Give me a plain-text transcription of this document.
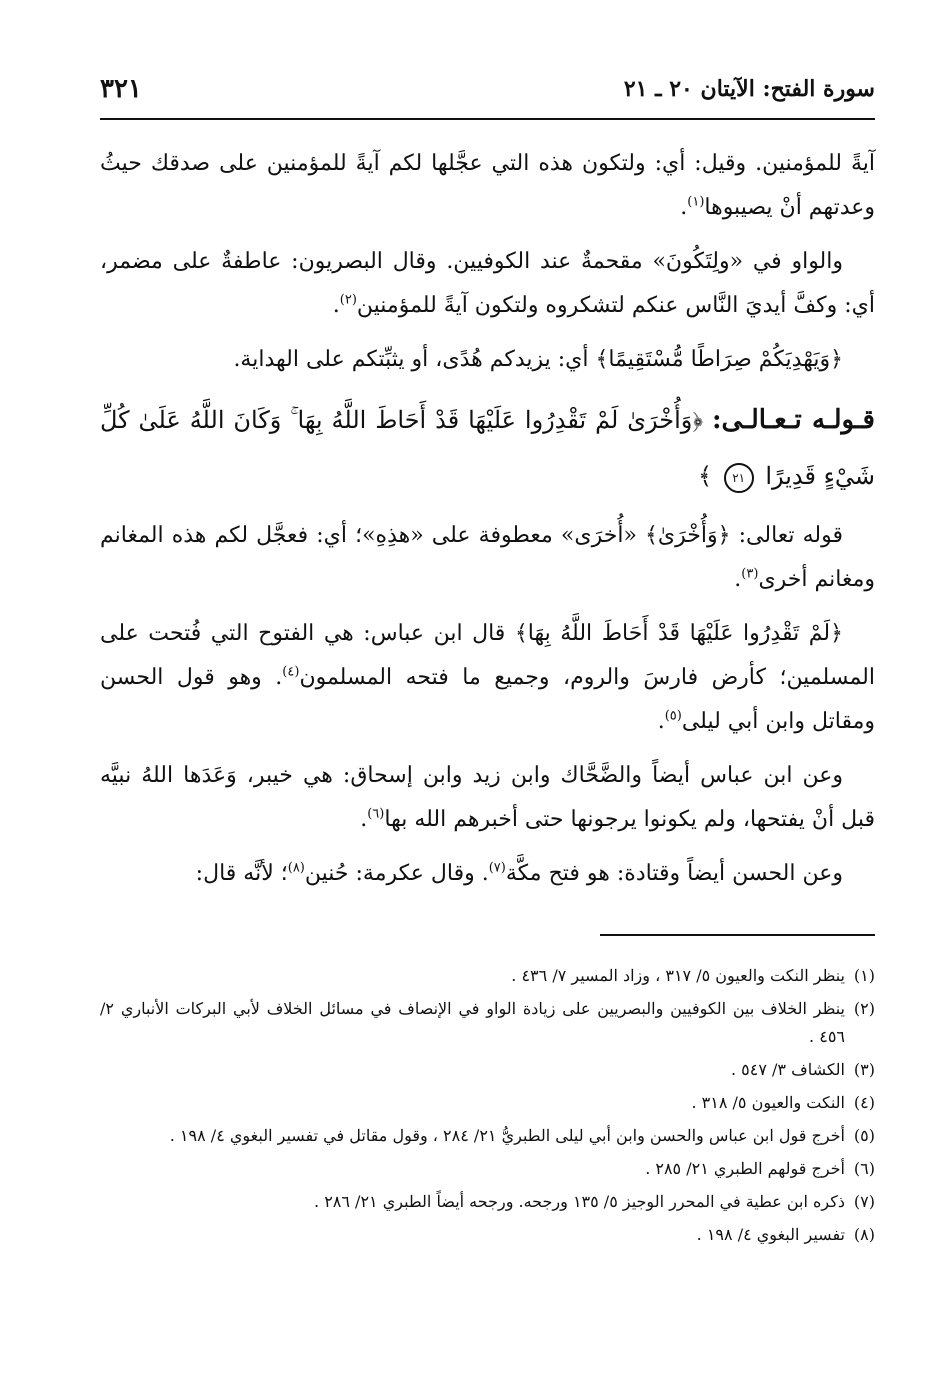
سورة الفتح: الآيتان ٢٠ ـ ٢١
٣٢١

آيةً للمؤمنين. وقيل: أي: ولتكون هذه التي عجَّلها لكم آيةً للمؤمنين على صدقك حيثُ وعدتهم أنْ يصيبوها$^{(١)}$.

والواو في «ولِتَكُونَ» مقحمةٌ عند الكوفيين. وقال البصريون: عاطفةٌ على مضمر، أي: وكفَّ أيديَ النَّاس عنكم لتشكروه ولتكون آيةً للمؤمنين$^{(٢)}$.

﴿وَيَهْدِيَكُمْ صِرَاطًا مُّسْتَقِيمًا﴾ أي: يزيدكم هُدًى، أو يثبِّتكم على الهداية.

قـولـه تـعـالـى: ﴿وَأُخْرَىٰ لَمْ تَقْدِرُوا عَلَيْهَا قَدْ أَحَاطَ اللَّهُ بِهَا ۚ وَكَانَ اللَّهُ عَلَىٰ كُلِّ شَيْءٍ قَدِيرًا ٢١ ﴾

قوله تعالى: ﴿وَأُخْرَىٰ﴾ «أُخرَى» معطوفة على «هذِهِ»؛ أي: فعجَّل لكم هذه المغانم ومغانم أخرى$^{(٣)}$.

﴿لَمْ تَقْدِرُوا عَلَيْهَا قَدْ أَحَاطَ اللَّهُ بِهَا﴾ قال ابن عباس: هي الفتوح التي فُتحت على المسلمين؛ كأرض فارسَ والروم، وجميع ما فتحه المسلمون$^{(٤)}$. وهو قول الحسن ومقاتل وابن أبي ليلى$^{(٥)}$.

وعن ابن عباس أيضاً والضَّحَّاك وابن زيد وابن إسحاق: هي خيبر، وَعَدَها اللهُ نبيَّه قبل أنْ يفتحها، ولم يكونوا يرجونها حتى أخبرهم الله بها$^{(٦)}$.

وعن الحسن أيضاً وقتادة: هو فتح مكَّة$^{(٧)}$. وقال عكرمة: حُنين$^{(٨)}$؛ لأنَّه قال:

(١)
ينظر النكت والعيون ٥/ ٣١٧ ، وزاد المسير ٧/ ٤٣٦ .
(٢)
ينظر الخلاف بين الكوفيين والبصريين على زيادة الواو في الإنصاف في مسائل الخلاف لأبي البركات الأنباري ٢/ ٤٥٦ .
(٣)
الكشاف ٣/ ٥٤٧ .
(٤)
النكت والعيون ٥/ ٣١٨ .
(٥)
أخرج قول ابن عباس والحسن وابن أبي ليلى الطبريُّ ٢١/ ٢٨٤ ، وقول مقاتل في تفسير البغوي ٤/ ١٩٨ .
(٦)
أخرج قولهم الطبري ٢١/ ٢٨٥ .
(٧)
ذكره ابن عطية في المحرر الوجيز ٥/ ١٣٥ ورجحه. ورجحه أيضاً الطبري ٢١/ ٢٨٦ .
(٨)
تفسير البغوي ٤/ ١٩٨ .
